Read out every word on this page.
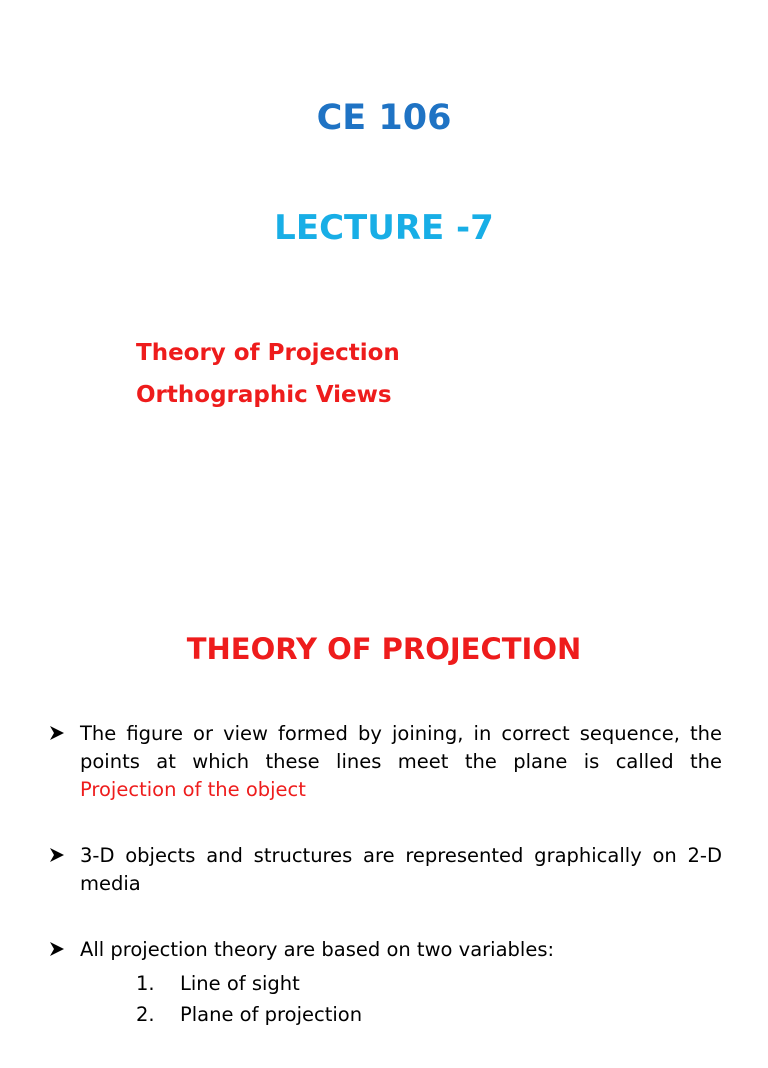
CE 106
LECTURE -7
Theory of Projection
Orthographic Views
THEORY OF PROJECTION
The figure or view formed by joining, in correct sequence, the points at which these lines meet the plane is called the Projection of the object
3-D objects and structures are represented graphically on 2-D media
All projection theory are based on two variables:
1.	Line of sight
2.	Plane of projection
